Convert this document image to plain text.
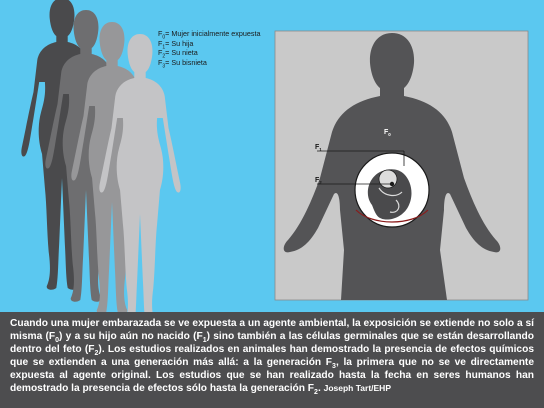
$F_0$
$F_1$
$F_2$
$F_0=$ Mujer inicialmente expuesta
$F_1= Su$ hija
$F_2= Su$ nieta
$F_3= Su$ bisnieta

Cuando una mujer embarazada se ve expuesta a un agente ambiental, la exposición se extiende no solo a sí misma $(F_0)$ y a su hijo aún no nacido $(F_1)$ sino también a las células germinales que se están desarrollando dentro del feto $(F_2)$. Los estudios realizados en animales han demostrado la presencia de efectos químicos que se extienden a una generación más allá: a la generación $F_3$, la primera que no se ve directamente expuesta al agente original. Los estudios que se han realizado hasta la fecha en seres humanos han demostrado la presencia de efectos sólo hasta la generación $F_2$. Joseph Tart/EHP
